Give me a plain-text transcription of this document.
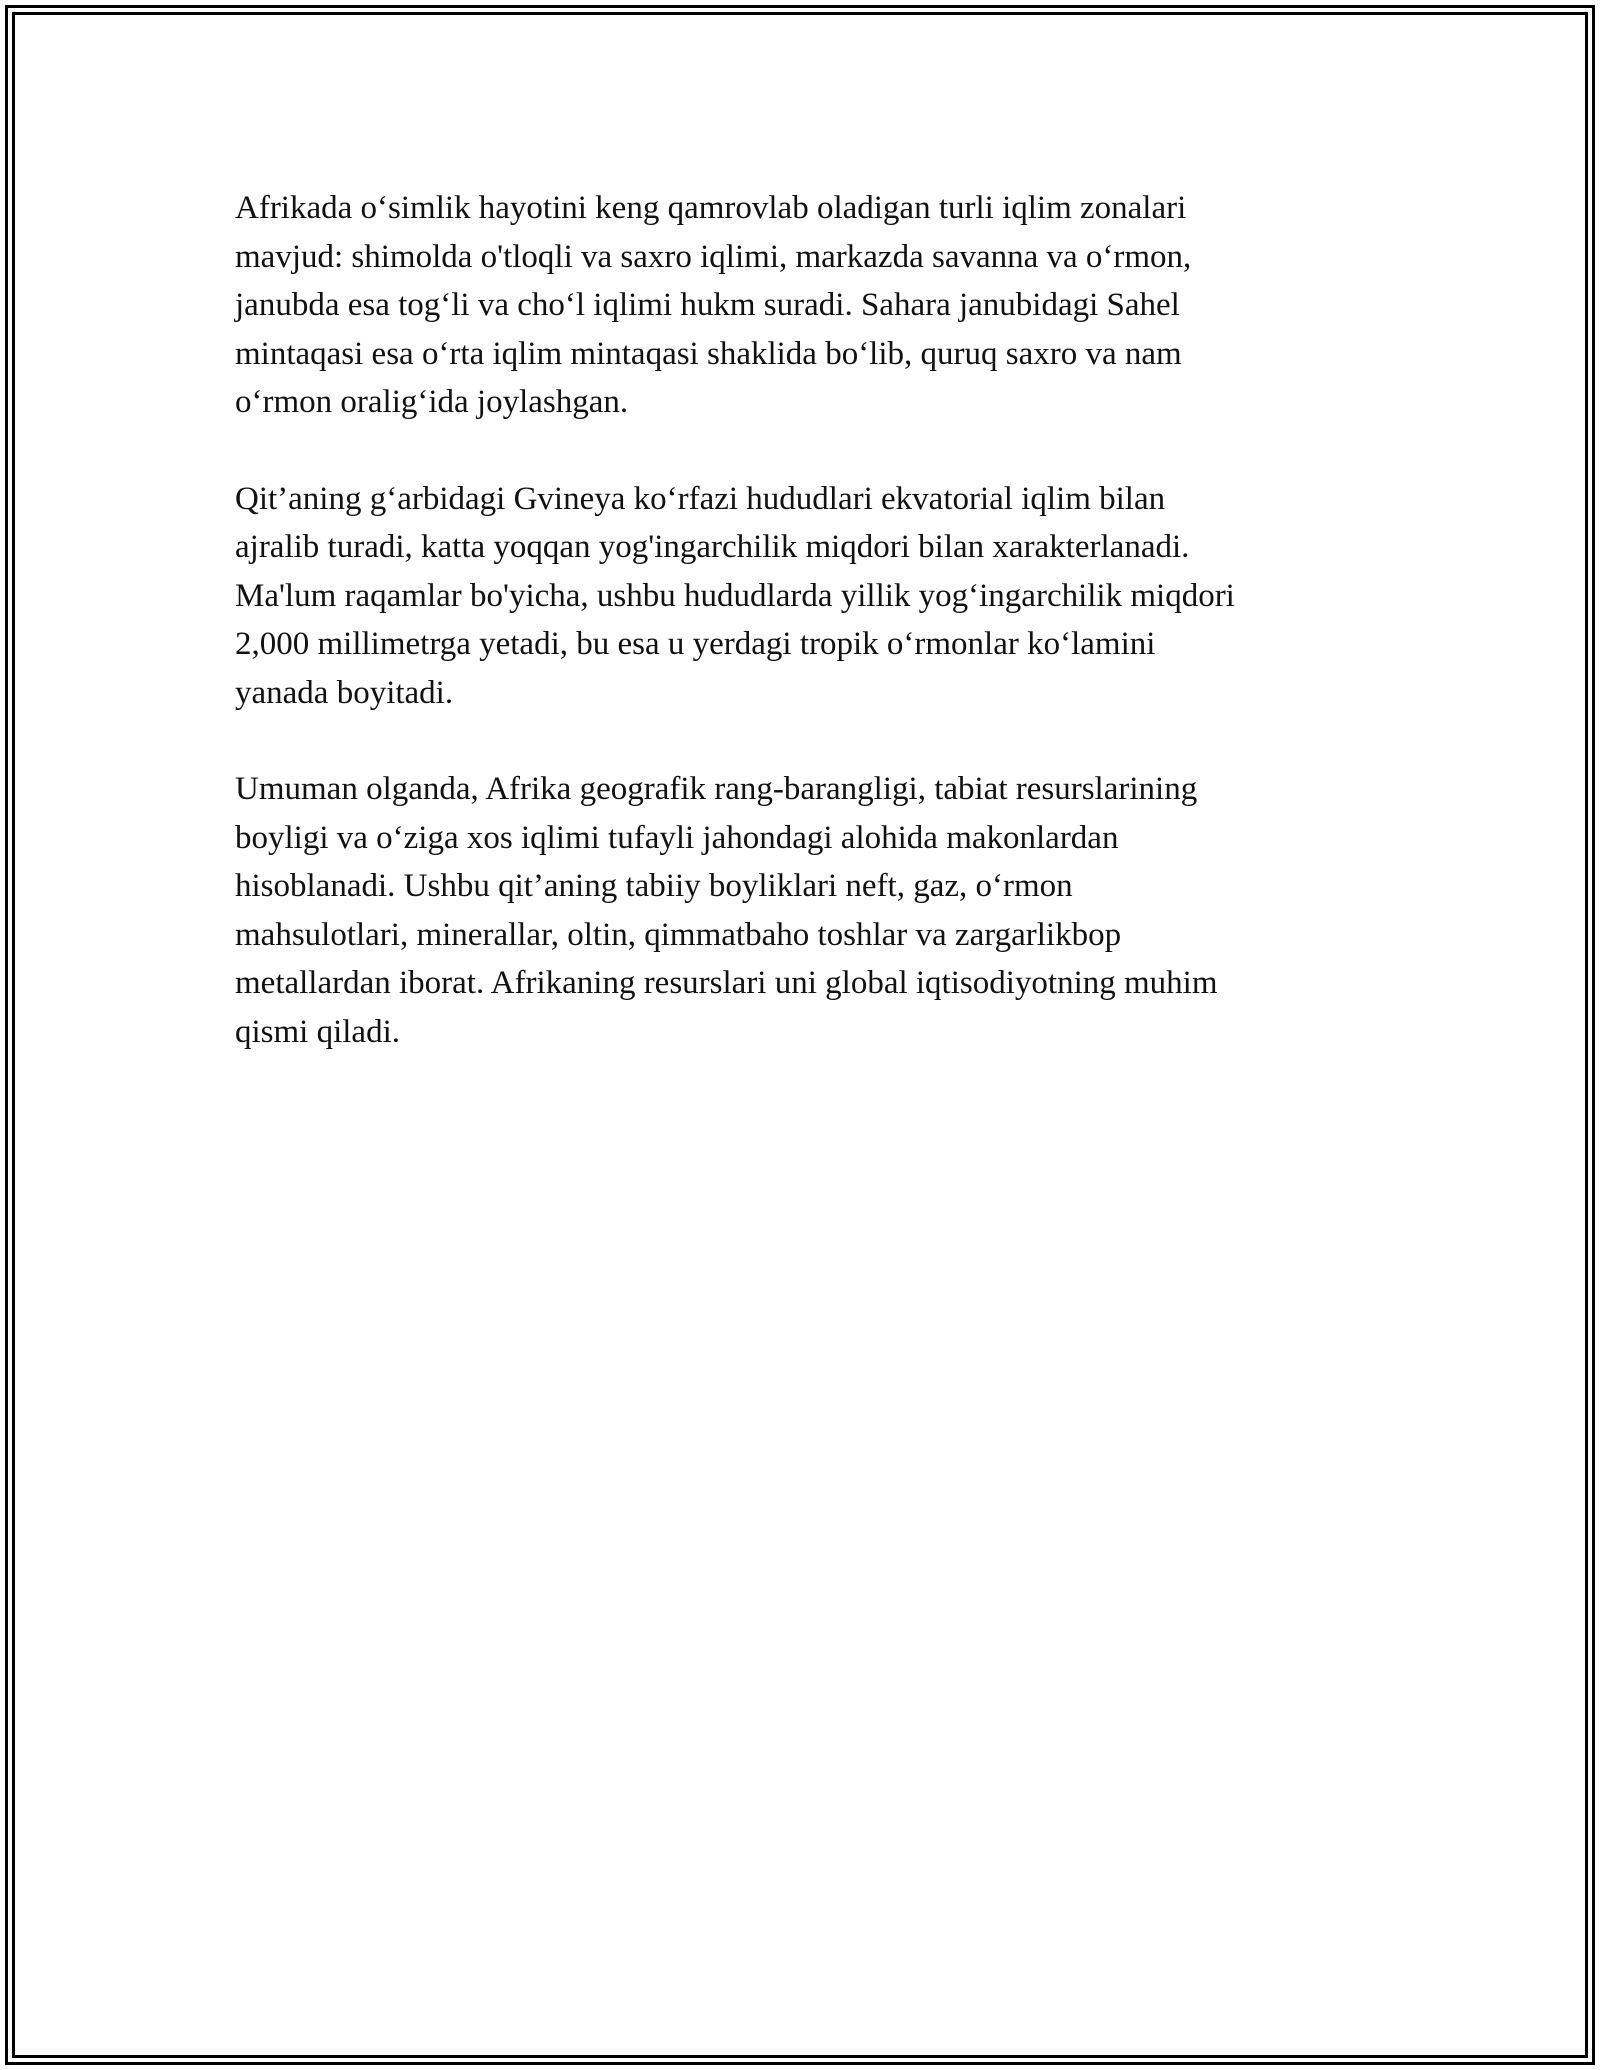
Afrikada o‘simlik hayotini keng qamrovlab oladigan turli iqlim zonalari
mavjud: shimolda o'tloqli va saxro iqlimi, markazda savanna va o‘rmon,
janubda esa tog‘li va cho‘l iqlimi hukm suradi. Sahara janubidagi Sahel
mintaqasi esa o‘rta iqlim mintaqasi shaklida bo‘lib, quruq saxro va nam
o‘rmon oralig‘ida joylashgan.

Qit’aning g‘arbidagi Gvineya ko‘rfazi hududlari ekvatorial iqlim bilan
ajralib turadi, katta yoqqan yog'ingarchilik miqdori bilan xarakterlanadi.
Ma'lum raqamlar bo'yicha, ushbu hududlarda yillik yog‘ingarchilik miqdori
2,000 millimetrga yetadi, bu esa u yerdagi tropik o‘rmonlar ko‘lamini
yanada boyitadi.

Umuman olganda, Afrika geografik rang-barangligi, tabiat resurslarining
boyligi va o‘ziga xos iqlimi tufayli jahondagi alohida makonlardan
hisoblanadi. Ushbu qit’aning tabiiy boyliklari neft, gaz, o‘rmon
mahsulotlari, minerallar, oltin, qimmatbaho toshlar va zargarlikbop
metallardan iborat. Afrikaning resurslari uni global iqtisodiyotning muhim
qismi qiladi.
